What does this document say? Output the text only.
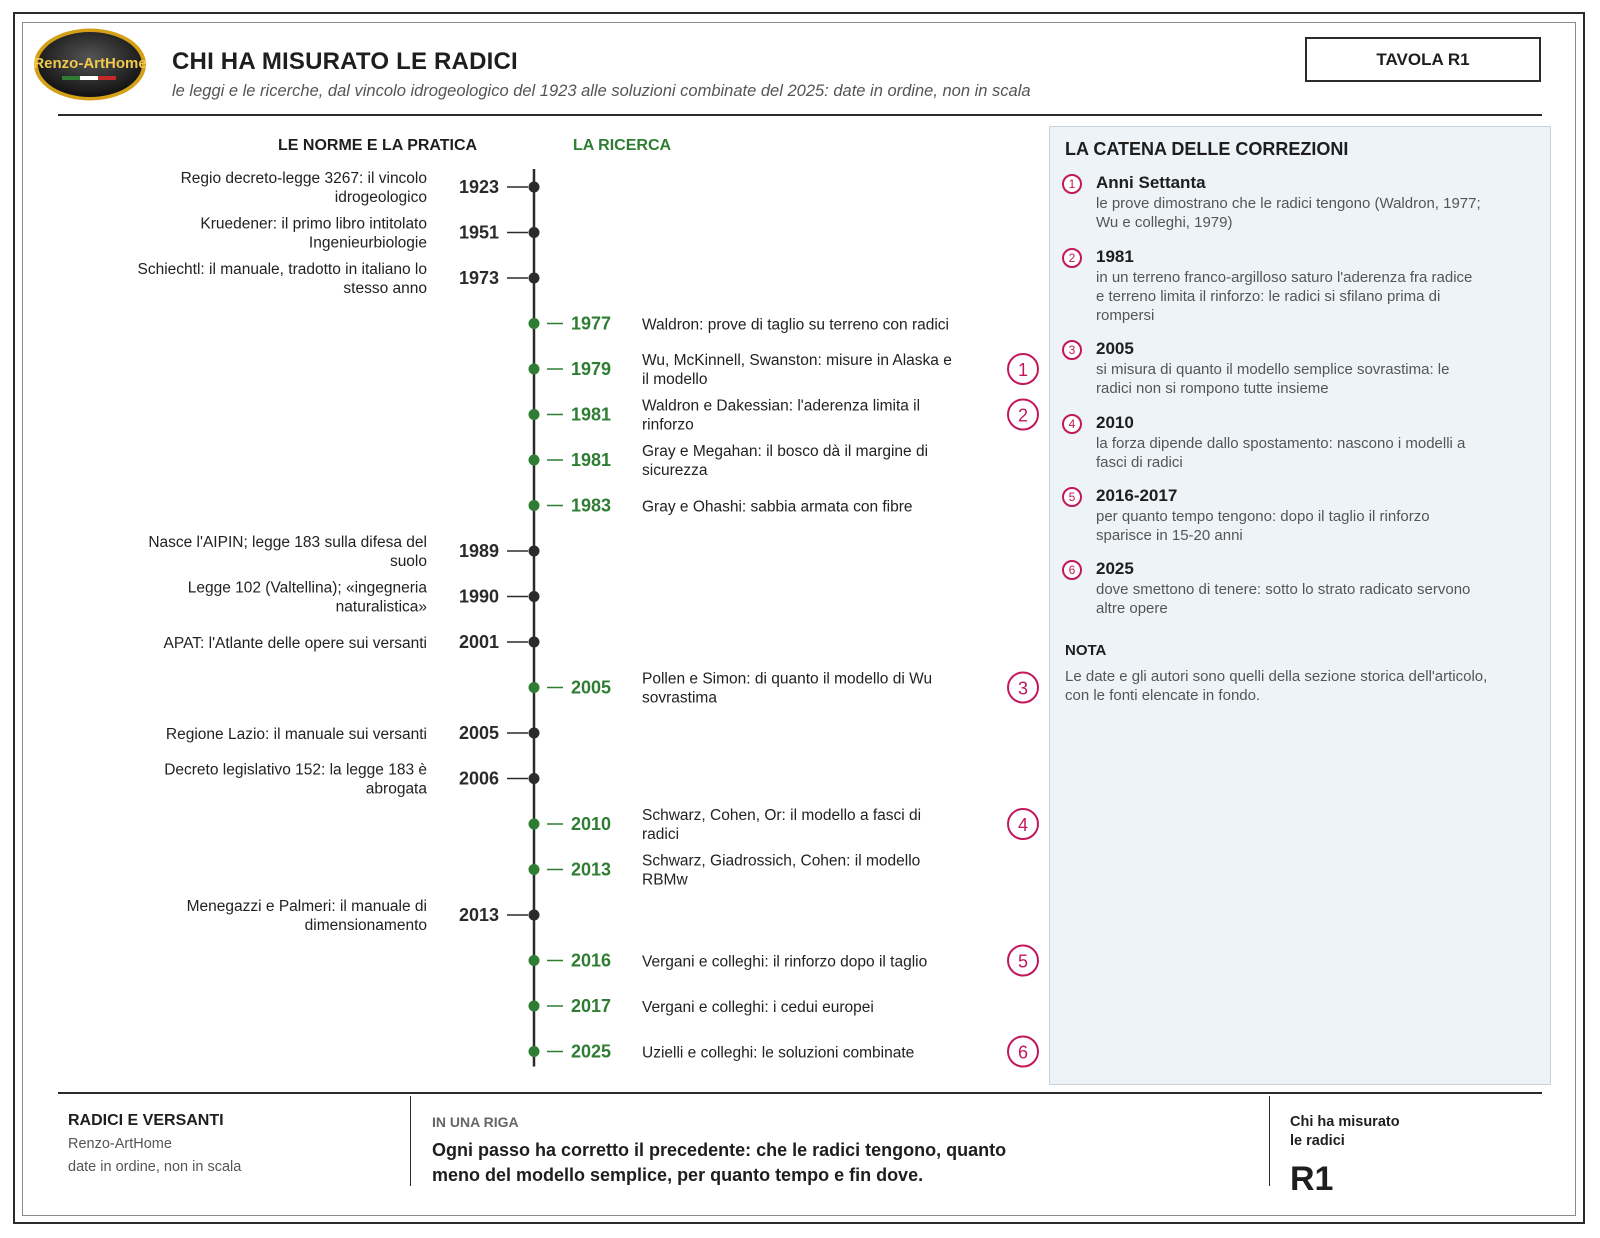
Renzo-ArtHome CHI HA MISURATO LE RADICI
le leggi e le ricerche, dal vincolo idrogeologico del 1923 alle soluzioni combinate del 2025: date in ordine, non in scala
TAVOLA R1
LE NORME E LA PRATICA	LA RICERCA
1923
Regio decreto-legge 3267: il vincolo
idrogeologico
1951
Kruedener: il primo libro intitolato
Ingenieurbiologie
1973
Schiechtl: il manuale, tradotto in italiano lo
stesso anno
1977 Waldron: prove di taglio su terreno con radici
1979 Wu, McKinnell, Swanston: misure in Alaska e
il modello	1
1981 Waldron e Dakessian: l'aderenza limita il
rinforzo	2
1981 Gray e Megahan: il bosco dà il margine di
sicurezza
1983 Gray e Ohashi: sabbia armata con fibre
1989
Nasce l'AIPIN; legge 183 sulla difesa del
suolo
1990
Legge 102 (Valtellina); «ingegneria
naturalistica»
2001
APAT: l'Atlante delle opere sui versanti
2005 Pollen e Simon: di quanto il modello di Wu
sovrastima	3
2005
Regione Lazio: il manuale sui versanti
2006
Decreto legislativo 152: la legge 183 è
abrogata
2010 Schwarz, Cohen, Or: il modello a fasci di
radici	4
2013 Schwarz, Giadrossich, Cohen: il modello
RBMw
2013
Menegazzi e Palmeri: il manuale di
dimensionamento
2016 Vergani e colleghi: il rinforzo dopo il taglio	5
2017 Vergani e colleghi: i cedui europei
2025 Uzielli e colleghi: le soluzioni combinate	6
LA CATENA DELLE CORREZIONI
1	Anni Settanta
le prove dimostrano che le radici tengono (Waldron, 1977;
Wu e colleghi, 1979)
2	1981
in un terreno franco-argilloso saturo l'aderenza fra radice
e terreno limita il rinforzo: le radici si sfilano prima di
rompersi
3	2005
si misura di quanto il modello semplice sovrastima: le
radici non si rompono tutte insieme
4	2010
la forza dipende dallo spostamento: nascono i modelli a
fasci di radici
5	2016-2017
per quanto tempo tengono: dopo il taglio il rinforzo
sparisce in 15-20 anni
6	2025
dove smettono di tenere: sotto lo strato radicato servono
altre opere
NOTA
Le date e gli autori sono quelli della sezione storica dell'articolo,
con le fonti elencate in fondo.
RADICI E VERSANTI
Renzo-ArtHome
date in ordine, non in scala
IN UNA RIGA
Ogni passo ha corretto il precedente: che le radici tengono, quanto
meno del modello semplice, per quanto tempo e fin dove.
Chi ha misurato
le radici
R1
